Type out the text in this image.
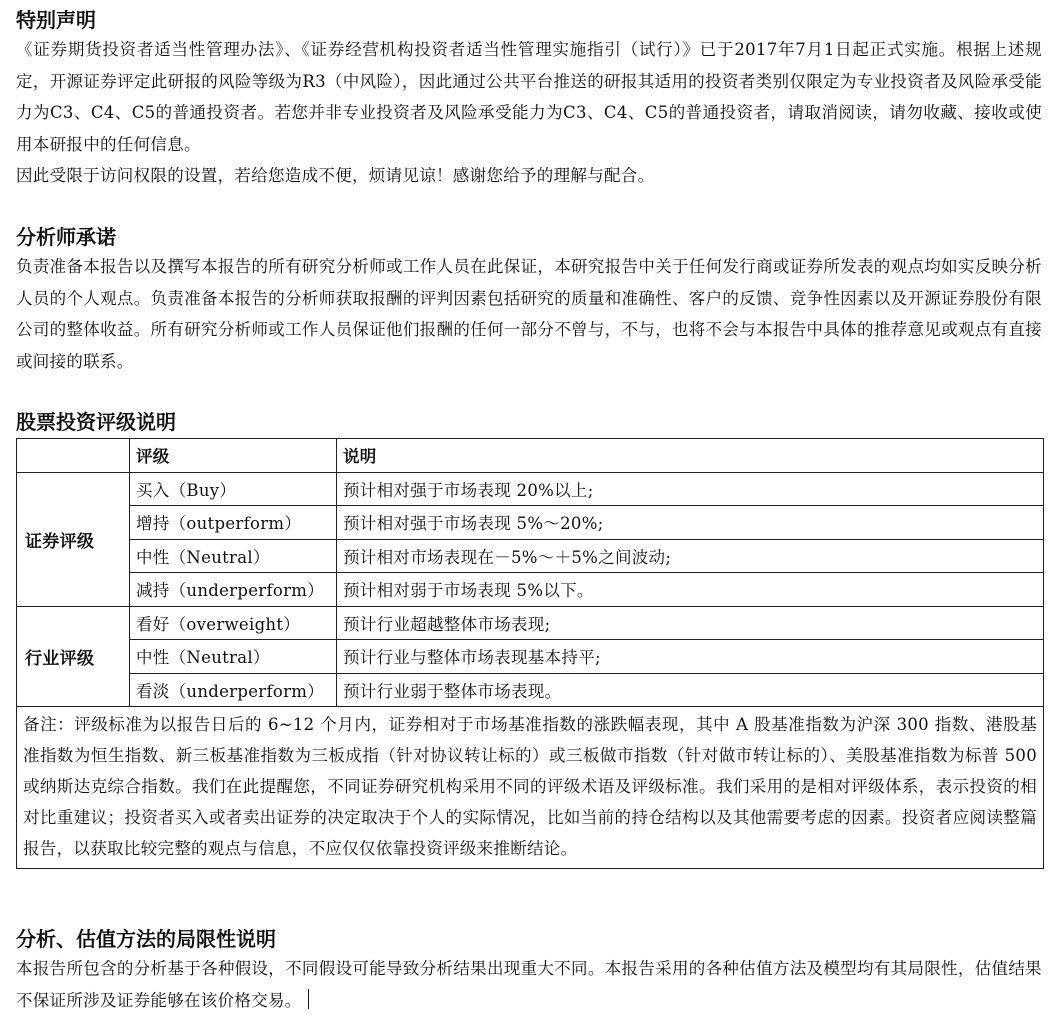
特别声明

《证券期货投资者适当性管理办法》、《证券经营机构投资者适当性管理实施指引（试行）》已于2017年7月1日起正式实施。根据上述规定，开源证券评定此研报的风险等级为R3（中风险），因此通过公共平台推送的研报其适用的投资者类别仅限定为专业投资者及风险承受能力为C3、C4、C5的普通投资者。若您并非专业投资者及风险承受能力为C3、C4、C5的普通投资者，请取消阅读，请勿收藏、接收或使用本研报中的任何信息。

因此受限于访问权限的设置，若给您造成不便，烦请见谅！感谢您给予的理解与配合。

分析师承诺

负责准备本报告以及撰写本报告的所有研究分析师或工作人员在此保证，本研究报告中关于任何发行商或证券所发表的观点均如实反映分析人员的个人观点。负责准备本报告的分析师获取报酬的评判因素包括研究的质量和准确性、客户的反馈、竞争性因素以及开源证券股份有限公司的整体收益。所有研究分析师或工作人员保证他们报酬的任何一部分不曾与，不与，也将不会与本报告中具体的推荐意见或观点有直接或间接的联系。

股票投资评级说明
	评级	说明
证券评级	买入（Buy）	预计相对强于市场表现 20%以上;
	增持（outperform）	预计相对强于市场表现 5%～20%;
	中性（Neutral）	预计相对市场表现在－5%～＋5%之间波动;
	减持（underperform）	预计相对弱于市场表现 5%以下。
行业评级	看好（overweight）	预计行业超越整体市场表现;
	中性（Neutral）	预计行业与整体市场表现基本持平;
	看淡（underperform）	预计行业弱于整体市场表现。
备注：评级标准为以报告日后的 6~12 个月内，证券相对于市场基准指数的涨跌幅表现，其中 A 股基准指数为沪深 300 指数、港股基准指数为恒生指数、新三板基准指数为三板成指（针对协议转让标的）或三板做市指数（针对做市转让标的）、美股基准指数为标普 500 或纳斯达克综合指数。我们在此提醒您，不同证券研究机构采用不同的评级术语及评级标准。我们采用的是相对评级体系，表示投资的相对比重建议；投资者买入或者卖出证券的决定取决于个人的实际情况，比如当前的持仓结构以及其他需要考虑的因素。投资者应阅读整篇报告，以获取比较完整的观点与信息，不应仅仅依靠投资评级来推断结论。		
分析、估值方法的局限性说明

本报告所包含的分析基于各种假设，不同假设可能导致分析结果出现重大不同。本报告采用的各种估值方法及模型均有其局限性，估值结果不保证所涉及证券能够在该价格交易。
